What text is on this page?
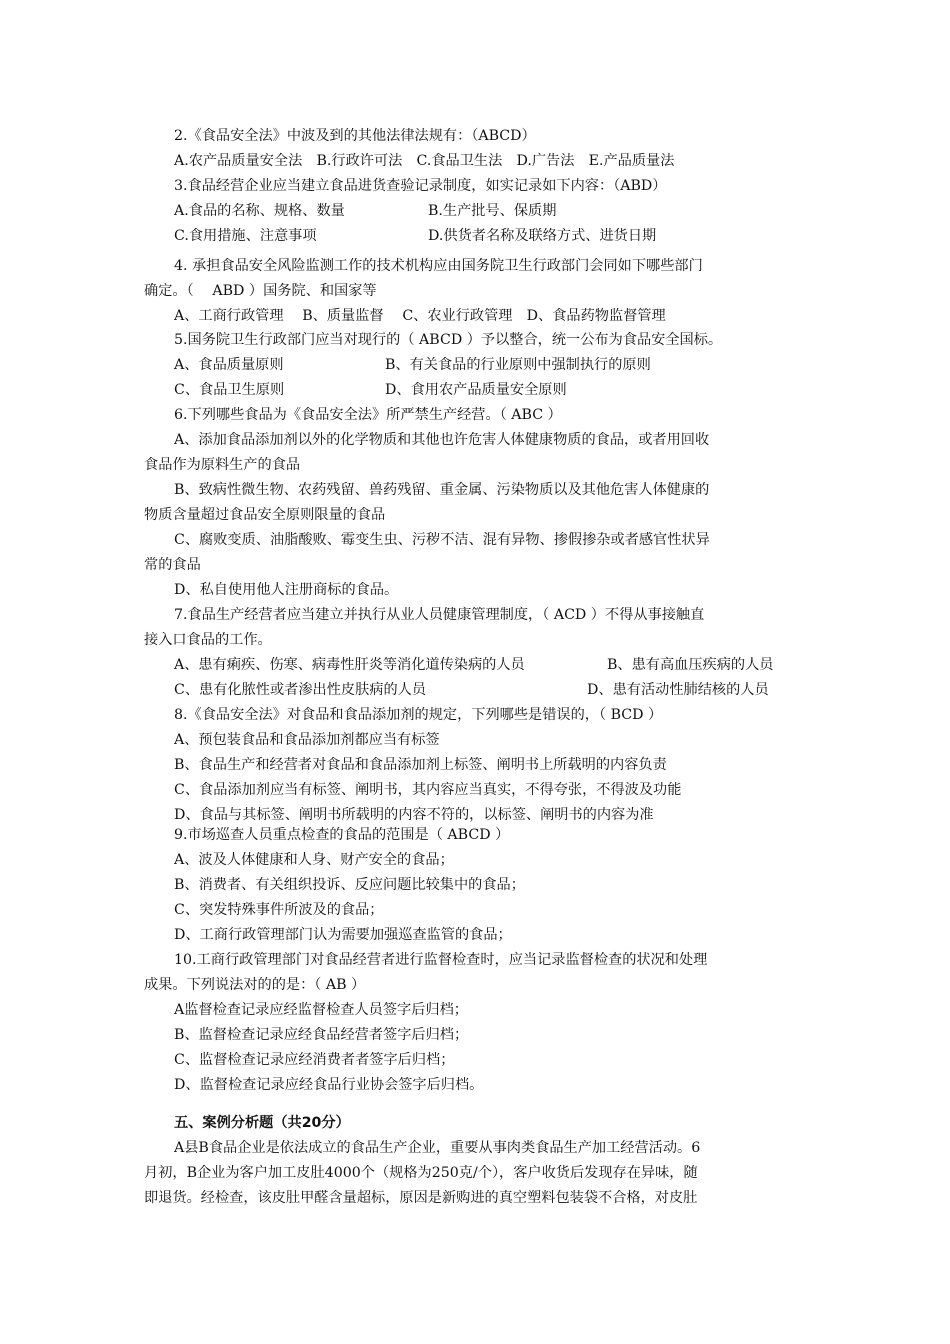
2.《食品安全法》中波及到的其他法律法规有：（ABCD）
A.农产品质量安全法　B.行政许可法　C.食品卫生法　D.广告法　E.产品质量法
3.食品经营企业应当建立食品进货查验记录制度，如实记录如下内容：（ABD）
A.食品的名称、规格、数量	B.生产批号、保质期
C.食用措施、注意事项	D.供货者名称及联络方式、进货日期
4. 承担食品安全风险监测工作的技术机构应由国务院卫生行政部门会同如下哪些部门
确定。（　 ABD ）国务院、和国家等
A、工商行政管理　 B、质量监督　 C、农业行政管理　D、食品药物监督管理
5.国务院卫生行政部门应当对现行的（ ABCD ）予以整合，统一公布为食品安全国标。
A、食品质量原则	B、有关食品的行业原则中强制执行的原则
C、食品卫生原则	D、食用农产品质量安全原则
6.下列哪些食品为《食品安全法》所严禁生产经营。（ ABC ）
A、添加食品添加剂以外的化学物质和其他也许危害人体健康物质的食品，或者用回收
食品作为原料生产的食品
B、致病性微生物、农药残留、兽药残留、重金属、污染物质以及其他危害人体健康的
物质含量超过食品安全原则限量的食品
C、腐败变质、油脂酸败、霉变生虫、污秽不洁、混有异物、掺假掺杂或者感官性状异
常的食品
D、私自使用他人注册商标的食品。
7.食品生产经营者应当建立并执行从业人员健康管理制度，（ ACD ）不得从事接触直
接入口食品的工作。
A、患有痢疾、伤寒、病毒性肝炎等消化道传染病的人员	B、患有高血压疾病的人员
C、患有化脓性或者渗出性皮肤病的人员	D、患有活动性肺结核的人员
8.《食品安全法》对食品和食品添加剂的规定，下列哪些是错误的，（ BCD ）
A、预包装食品和食品添加剂都应当有标签
B、食品生产和经营者对食品和食品添加剂上标签、阐明书上所载明的内容负责
C、食品添加剂应当有标签、阐明书，其内容应当真实，不得夸张，不得波及功能
D、食品与其标签、阐明书所载明的内容不符的，以标签、阐明书的内容为准
9.市场巡查人员重点检查的食品的范围是（ ABCD ）
A、波及人体健康和人身、财产安全的食品；
B、消费者、有关组织投诉、反应问题比较集中的食品；
C、突发特殊事件所波及的食品；
D、工商行政管理部门认为需要加强巡查监管的食品；
10.工商行政管理部门对食品经营者进行监督检查时，应当记录监督检查的状况和处理
成果。下列说法对的的是：（ AB ）
A监督检查记录应经监督检查人员签字后归档；
B、监督检查记录应经食品经营者签字后归档；
C、监督检查记录应经消费者者签字后归档；
D、监督检查记录应经食品行业协会签字后归档。
五、案例分析题（共20分）
A县B食品企业是依法成立的食品生产企业，重要从事肉类食品生产加工经营活动。6
月初，B企业为客户加工皮肚4000个（规格为250克/个），客户收货后发现存在异味，随
即退货。经检查，该皮肚甲醛含量超标，原因是新购进的真空塑料包装袋不合格，对皮肚
